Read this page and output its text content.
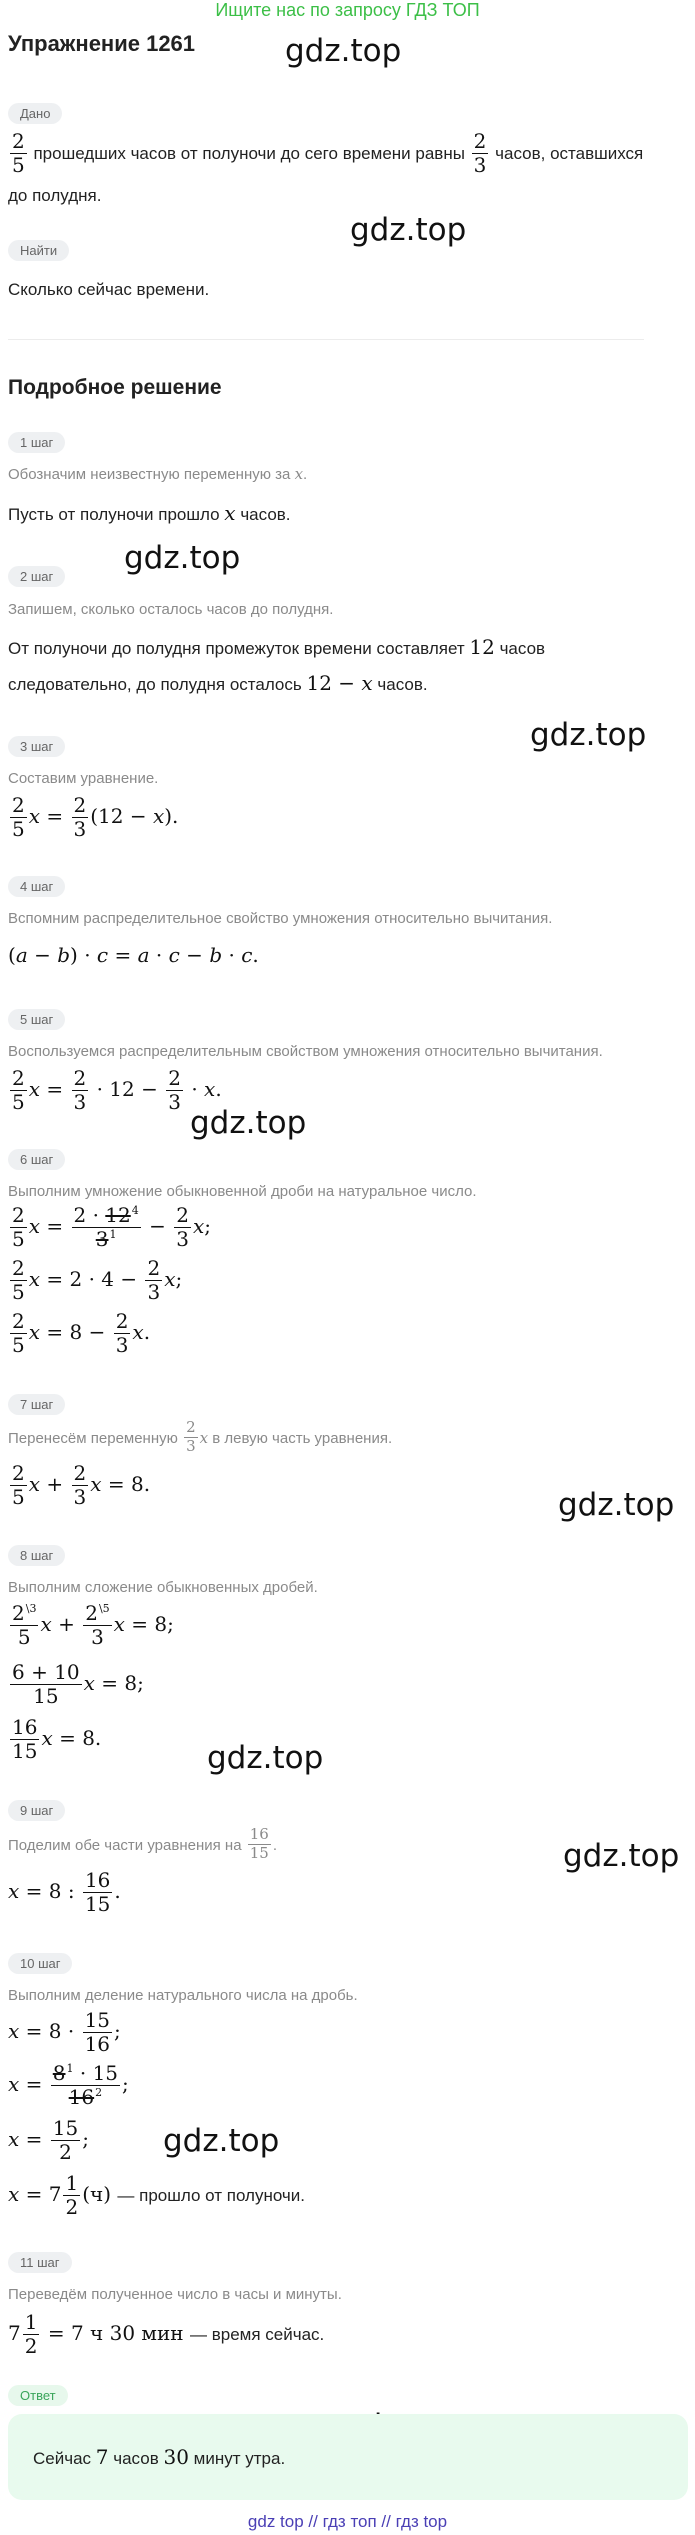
Ищите нас по запросу ГДЗ ТОП
Упражнение 1261	gdz.top
gdz.top
gdz.top
gdz.top
gdz.top
gdz.top
gdz.top
gdz.top
gdz.top
Дано
$\frac{2}{5}$ прошедших часов от полуночи до сего времени равны $\frac{2}{3}$ часов, оставшихся
до полудня.
Найти
Сколько сейчас времени.
Подробное решение
1 шаг
Обозначим неизвестную переменную за x.
Пусть от полуночи прошло x часов.
2 шаг
Запишем, сколько осталось часов до полудня.
От полуночи до полудня промежуток времени составляет 12 часов
следовательно, до полудня осталось 12 − x часов.
3 шаг
Составим уравнение.
$\frac{2}{5}$ $x = \frac{2}{3} (12 - x)$.
4 шаг
Вспомним распределительное свойство умножения относительно вычитания.
(a − b) · c = a · c − b · c.
5 шаг
Воспользуемся распределительным свойством умножения относительно вычитания.
$\frac{2}{5}$ $x = \frac{2}{3} \cdot 12 - \frac{2}{3} \cdot x$.
6 шаг
Выполним умножение обыкновенной дроби на натуральное число.
$\frac{2}{5}$ $x = \frac{2 \cdot 12^4}{3^1} - \frac{2}{3} x$;
$\frac{2}{5}$ $x = 2 \cdot 4 - \frac{2}{3} x$;
$\frac{2}{5}$ $x = 8 - \frac{2}{3} x$.
7 шаг
Перенесём переменную $\frac{2}{3}$ x в левую часть уравнения.
$\frac{2}{5}$ $x + \frac{2}{3}$ x = 8.
8 шаг
Выполним сложение обыкновенных дробей.
$\frac{2^{\backslash 3}}{5}$ $x + \frac{2^{\backslash 5}}{3}$ x = 8;
$\frac{6 + 10}{15}$ x = 8;
$\frac{16}{15}$ x = 8.
9 шаг
Поделим обе части уравнения на $\frac{16}{15}$ .
x = 8 : $\frac{16}{15}$ .
10 шаг
Выполним деление натурального числа на дробь.
$x = 8 \cdot \frac{15}{16}$ ;
$x = \frac{8^1 \cdot 15}{16^2}$ ;
$x = \frac{15}{2}$ ;
$x = 7 \frac{1}{2} (ч)$ — прошло от полуночи.
11 шаг
Переведём полученное число в часы и минуты.
$7 \frac{1}{2} = 7$ ч 30 мин — время сейчас.
Ответ
Сейчас 7 часов 30 минут утра.
gdz top // гдз топ // гдз top
